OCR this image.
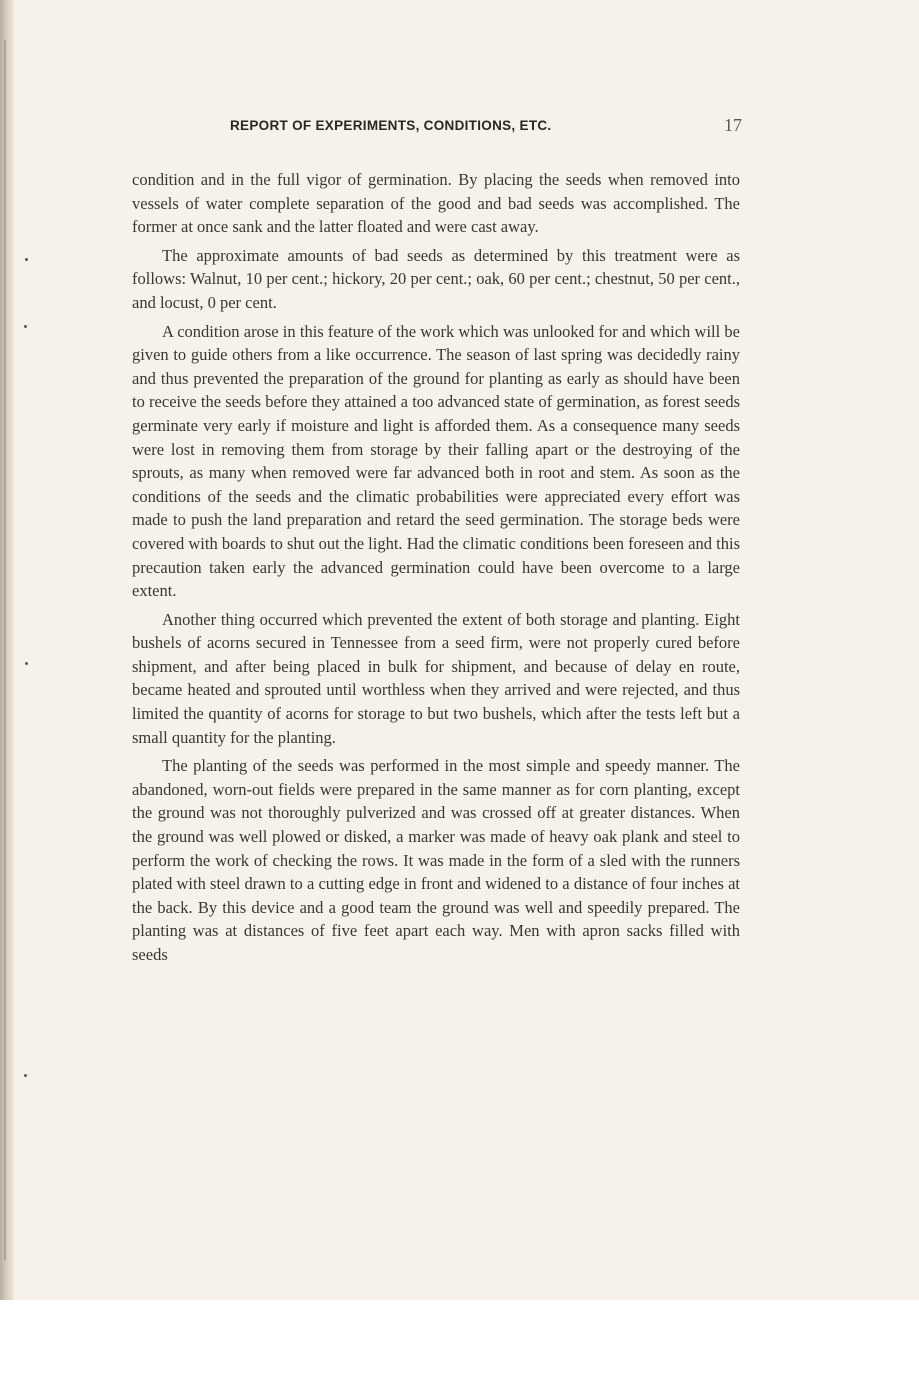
REPORT OF EXPERIMENTS, CONDITIONS, ETC.	17

condition and in the full vigor of germination. By placing the seeds when removed into vessels of water complete separation of the good and bad seeds was accomplished. The former at once sank and the latter floated and were cast away.

The approximate amounts of bad seeds as determined by this treatment were as follows: Walnut, 10 per cent.; hickory, 20 per cent.; oak, 60 per cent.; chestnut, 50 per cent., and locust, 0 per cent.

A condition arose in this feature of the work which was unlooked for and which will be given to guide others from a like occurrence. The season of last spring was decidedly rainy and thus prevented the preparation of the ground for planting as early as should have been to receive the seeds before they attained a too advanced state of germination, as forest seeds germinate very early if moisture and light is afforded them. As a consequence many seeds were lost in removing them from storage by their falling apart or the destroying of the sprouts, as many when removed were far advanced both in root and stem. As soon as the conditions of the seeds and the climatic probabilities were appreciated every effort was made to push the land preparation and retard the seed germination. The storage beds were covered with boards to shut out the light. Had the climatic conditions been foreseen and this precaution taken early the advanced germination could have been overcome to a large extent.

Another thing occurred which prevented the extent of both storage and planting. Eight bushels of acorns secured in Tennessee from a seed firm, were not properly cured before shipment, and after being placed in bulk for shipment, and because of delay en route, became heated and sprouted until worthless when they arrived and were rejected, and thus limited the quantity of acorns for storage to but two bushels, which after the tests left but a small quantity for the planting.

The planting of the seeds was performed in the most simple and speedy manner. The abandoned, worn-out fields were prepared in the same manner as for corn planting, except the ground was not thoroughly pulverized and was crossed off at greater distances. When the ground was well plowed or disked, a marker was made of heavy oak plank and steel to perform the work of checking the rows. It was made in the form of a sled with the runners plated with steel drawn to a cutting edge in front and widened to a distance of four inches at the back. By this device and a good team the ground was well and speedily prepared. The planting was at distances of five feet apart each way. Men with apron sacks filled with seeds
